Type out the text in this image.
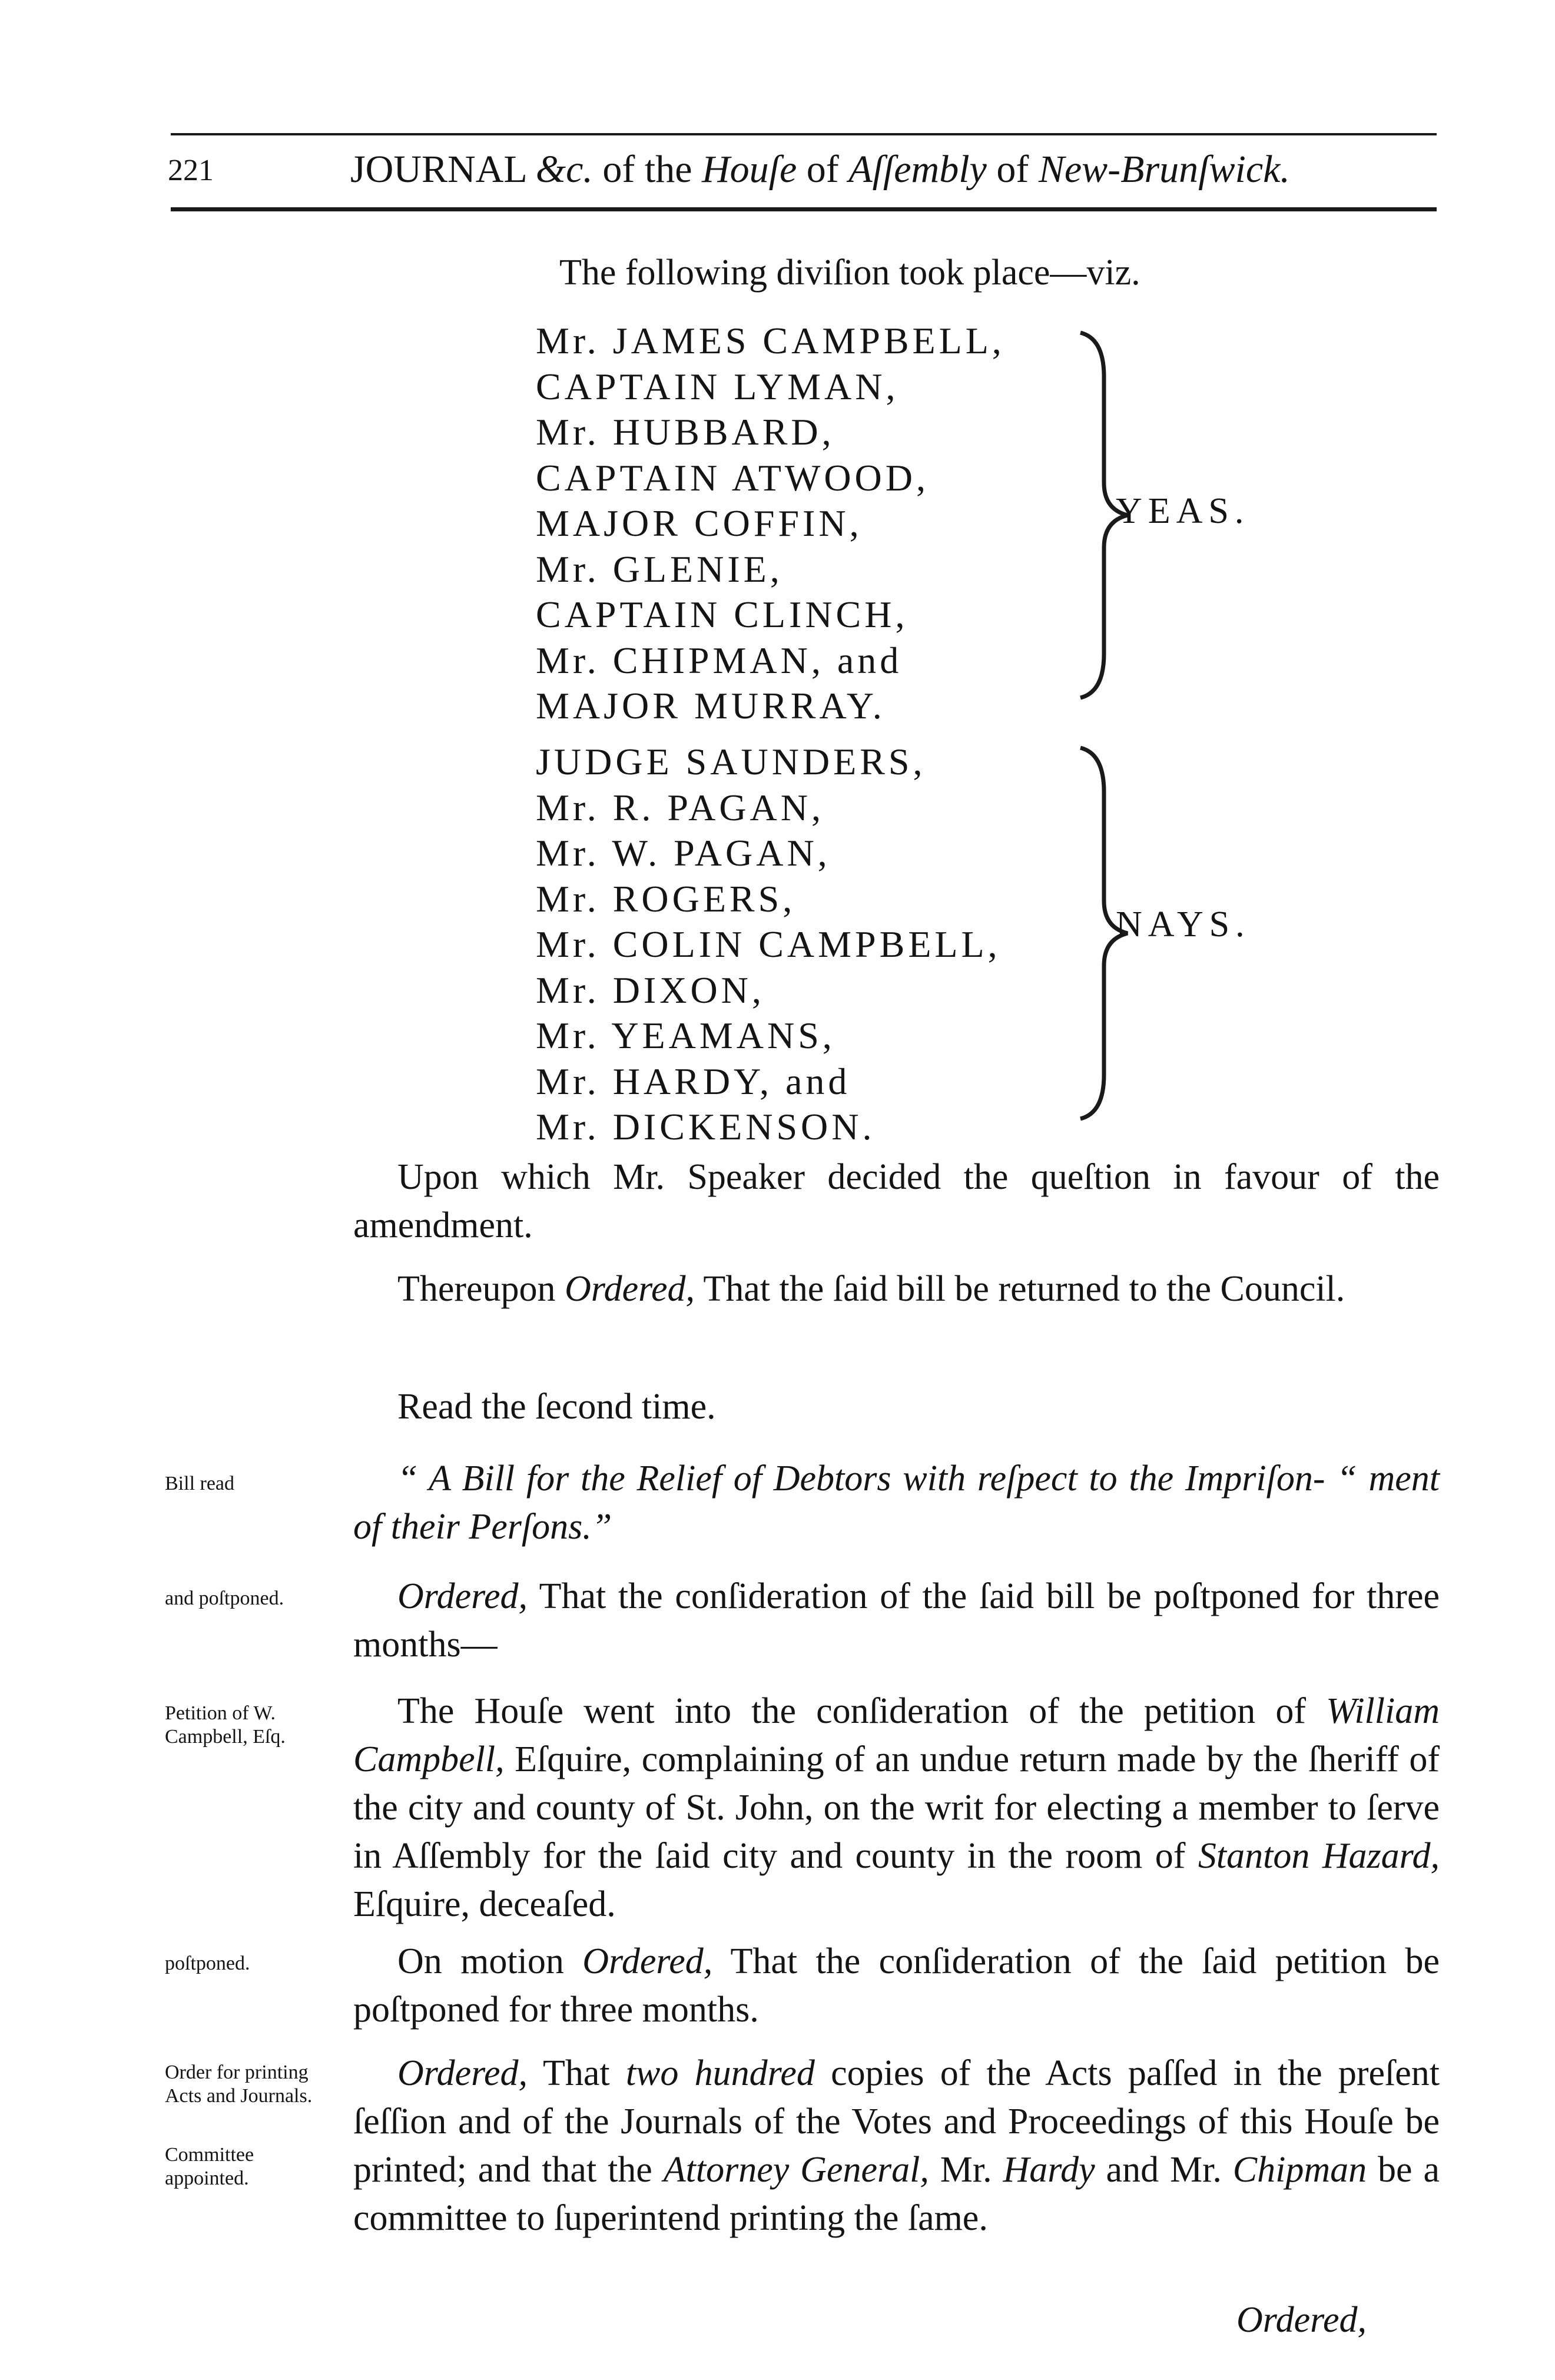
221	JOURNAL &c. of the Houſe of Aſſembly of New-Brunſwick.
The following diviſion took place—viz.
Mr. JAMES CAMPBELL,
CAPTAIN LYMAN,
Mr. HUBBARD,
CAPTAIN ATWOOD,
MAJOR COFFIN,
Mr. GLENIE,
CAPTAIN CLINCH,
Mr. CHIPMAN, and
MAJOR MURRAY.
YEAS.
JUDGE SAUNDERS,
Mr. R. PAGAN,
Mr. W. PAGAN,
Mr. ROGERS,
Mr. COLIN CAMPBELL,
Mr. DIXON,
Mr. YEAMANS,
Mr. HARDY, and
Mr. DICKENSON.
NAYS.
Upon which Mr. Speaker decided the queſtion in favour of the amendment.
Thereupon Ordered, That the ſaid bill be returned to the Council.
Read the ſecond time.
Bill read	“ A Bill for the Relief of Debtors with reſpect to the Impriſon- “ ment of their Perſons.”
and poſtponed.	Ordered, That the conſideration of the ſaid bill be poſtponed for three months—
Petition of W. Campbell, Eſq.
The Houſe went into the conſideration of the petition of William Campbell, Eſquire, complaining of an undue return made by the ſheriff of the city and county of St. John, on the writ for electing a member to ſerve in Aſſembly for the ſaid city and county in the room of Stanton Hazard, Eſquire, deceaſed.
poſtponed.	On motion Ordered, That the conſideration of the ſaid petition be poſtponed for three months.
Order for printing Acts and Journals.
Committee appointed.
Ordered, That two hundred copies of the Acts paſſed in the preſent ſeſſion and of the Journals of the Votes and Proceedings of this Houſe be printed; and that the Attorney General, Mr. Hardy and Mr. Chipman be a committee to ſuperintend printing the ſame.
Ordered,
